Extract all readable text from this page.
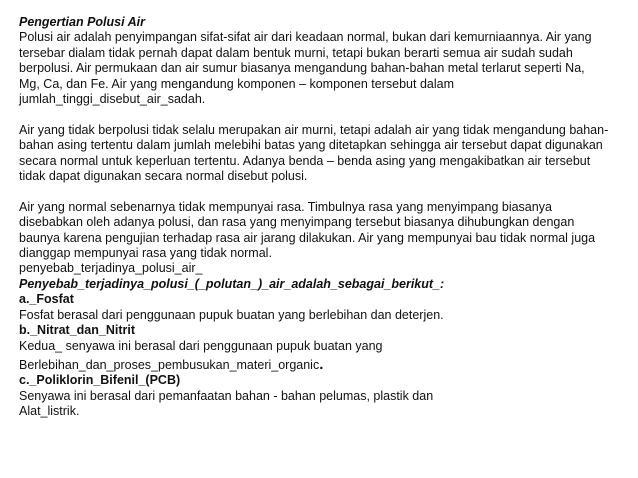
Pengertian Polusi Air
Polusi air adalah penyimpangan sifat-sifat air dari keadaan normal, bukan dari kemurniaannya. Air yang
tersebar dialam tidak pernah dapat dalam bentuk murni, tetapi bukan berarti semua air sudah sudah
berpolusi. Air permukaan dan air sumur biasanya mengandung bahan-bahan metal terlarut seperti Na,
Mg, Ca, dan Fe. Air yang mengandung komponen – komponen tersebut dalam
jumlah_tinggi_disebut_air_sadah.
Air yang tidak berpolusi tidak selalu merupakan air murni, tetapi adalah air yang tidak mengandung bahan-
bahan asing tertentu dalam jumlah melebihi batas yang ditetapkan sehingga air tersebut dapat digunakan
secara normal untuk keperluan tertentu. Adanya benda – benda asing yang mengakibatkan air tersebut
tidak dapat digunakan secara normal disebut polusi.
Air yang normal sebenarnya tidak mempunyai rasa. Timbulnya rasa yang menyimpang biasanya
disebabkan oleh adanya polusi, dan rasa yang menyimpang tersebut biasanya dihubungkan dengan
baunya karena pengujian terhadap rasa air jarang dilakukan. Air yang mempunyai bau tidak normal juga
dianggap mempunyai rasa yang tidak normal.
penyebab_terjadinya_polusi_air_
Penyebab_terjadinya_polusi_(_polutan_)_air_adalah_sebagai_berikut_:
a._Fosfat
Fosfat berasal dari penggunaan pupuk buatan yang berlebihan dan deterjen.
b._Nitrat_dan_Nitrit
Kedua_ senyawa ini berasal dari penggunaan pupuk buatan yang
Berlebihan_dan_proses_pembusukan_materi_organic.
c._Poliklorin_Bifenil_(PCB)
Senyawa ini berasal dari pemanfaatan bahan - bahan pelumas, plastik dan
Alat_listrik.
